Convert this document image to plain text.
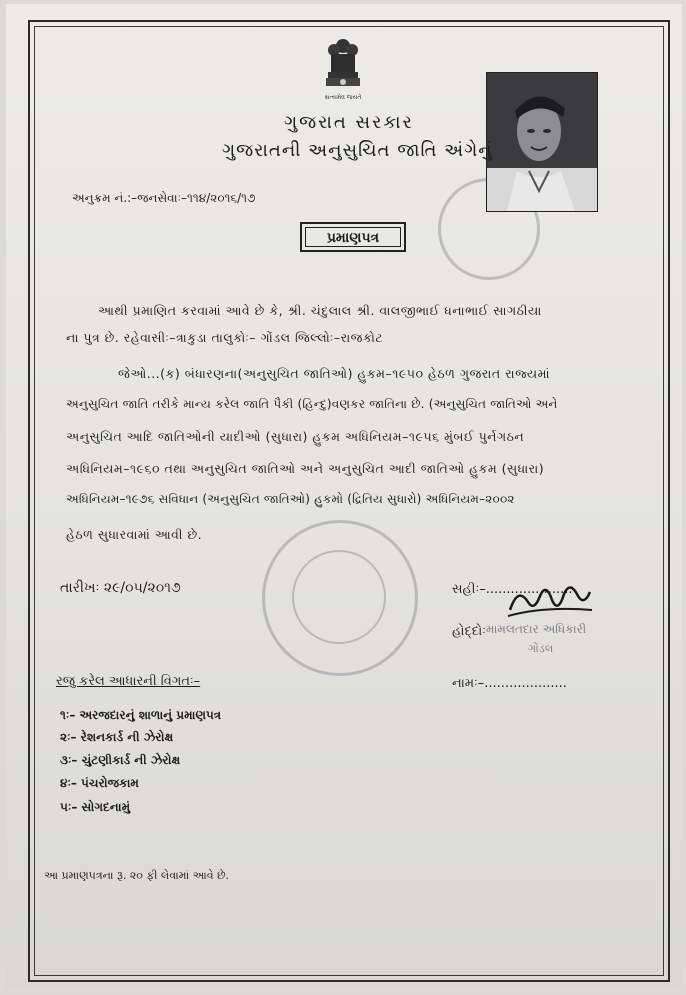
સત્યમેવ જયતે
ગુજરાત સરકાર
ગુજરાતની અનુસુચિત જાતિ અંગેનું
અનુક્રમ નં.:–જનસેવાઃ–૧૧૪/૨૦૧૬/૧૭
પ્રમાણપત્ર
આથી પ્રમાણિત કરવામાં આવે છે કે, શ્રી. ચંદુલાલ શ્રી. વાલજીભાઈ ધનાભાઈ સાગઠીયા
ના પુત્ર છે. રહેવાસીઃ–ત્રાકુડા તાલુકોઃ– ગોંડલ જિલ્લોઃ–રાજકોટ
જેઓ...(ક) બંધારણના(અનુસુચિત જાતિઓ) હુકમ–૧૯૫૦ હેઠળ ગુજરાત રાજ્યમાં
અનુસુચિત જાતિ તરીકે માન્ય કરેલ જાતિ પૈકી (હિન્દુ)વણકર જાતિના છે. (અનુસુચિત જાતિઓ અને
અનુસુચિત આદિ જાતિઓની યાદીઓ (સુધારા) હુકમ અધિનિયમ–૧૯૫૬ મુંબઈ પુર્નગઠન
અધિનિયમ–૧૯૬૦ તથા અનુસુચિત જાતિઓ અને અનુસુચિત આદી જાતિઓ હુકમ (સુધારા)
અધિનિયમ–૧૯૭૬ સવિધાન (અનુસુચિત જાતિઓ) હુકમો (દ્રિતિય સુધારો) અધિનિયમ–૨૦૦૨
હેઠળ સુધારવામાં આવી છે.
તારીખઃ ૨૯/૦૫/૨૦૧૭	સહીઃ–.....................
હોદ્દોઃ મામલતદાર અધિકારી
ગોંડલ
નામઃ–....................
રજુ કરેલ આધારની વિગતઃ–
૧ઃ– અરજદારનું શાળાનું પ્રમાણપત્ર
૨ઃ– રેશનકાર્ડ ની ઝેરોક્ષ
૩ઃ– ચુંટણીકાર્ડ ની ઝેરોક્ષ
૪ઃ– પંચરોજકામ
૫ઃ– સોગદનામું
આ પ્રમાણપત્રના રૂ. ૨૦ ફી લેવામાં આવે છે.
